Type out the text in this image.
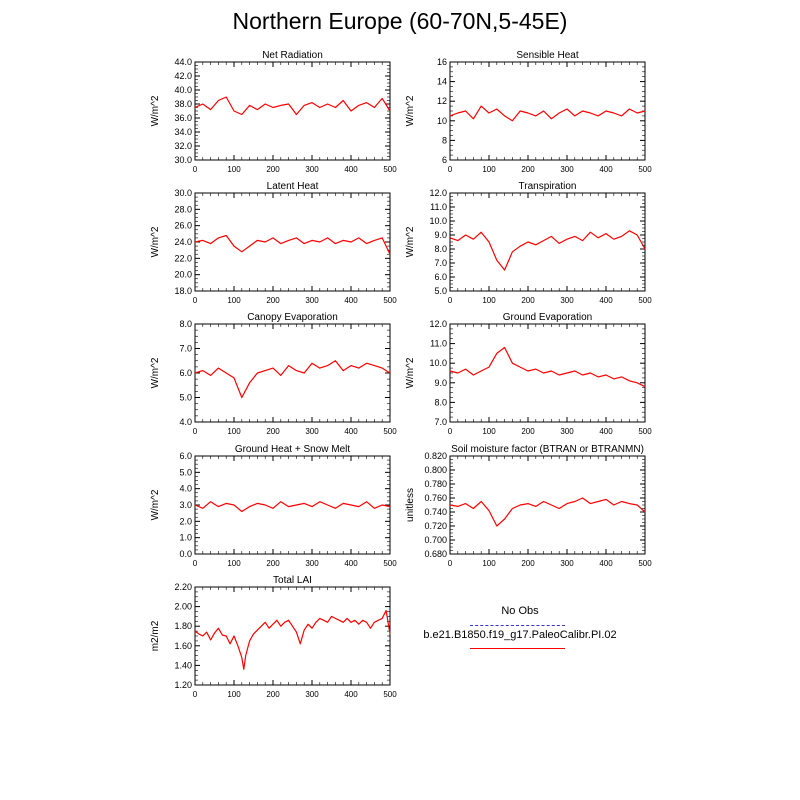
Northern Europe (60-70N,5-45E)
Net Radiation
30.0
32.0
34.0
36.0
38.0
40.0
42.0
44.0
0	100	200	300	400	500
W/m^2
Sensible Heat
6
8
10
12
14
16
0	100	200	300	400	500
W/m^2
Latent Heat
18.0
20.0
22.0
24.0
26.0
28.0
30.0
0	100	200	300	400	500
W/m^2
Transpiration
5.0
6.0
7.0
8.0
9.0
10.0
11.0
12.0
0	100	200	300	400	500
W/m^2
Canopy Evaporation
4.0
5.0
6.0
7.0
8.0
0	100	200	300	400	500
W/m^2
Ground Evaporation
7.0
8.0
9.0
10.0
11.0
12.0
0	100	200	300	400	500
W/m^2
Ground Heat + Snow Melt
0.0
1.0
2.0
3.0
4.0
5.0
6.0
0	100	200	300	400	500
W/m^2
Soil moisture factor (BTRAN or BTRANMN)
0.680
0.700
0.720
0.740
0.760
0.780
0.800
0.820
0	100	200	300	400	500
unitless
Total LAI
1.20
1.40
1.60
1.80
2.00
2.20
0	100	200	300	400	500
m2/m2
No Obs
b.e21.B1850.f19_g17.PaleoCalibr.PI.02
